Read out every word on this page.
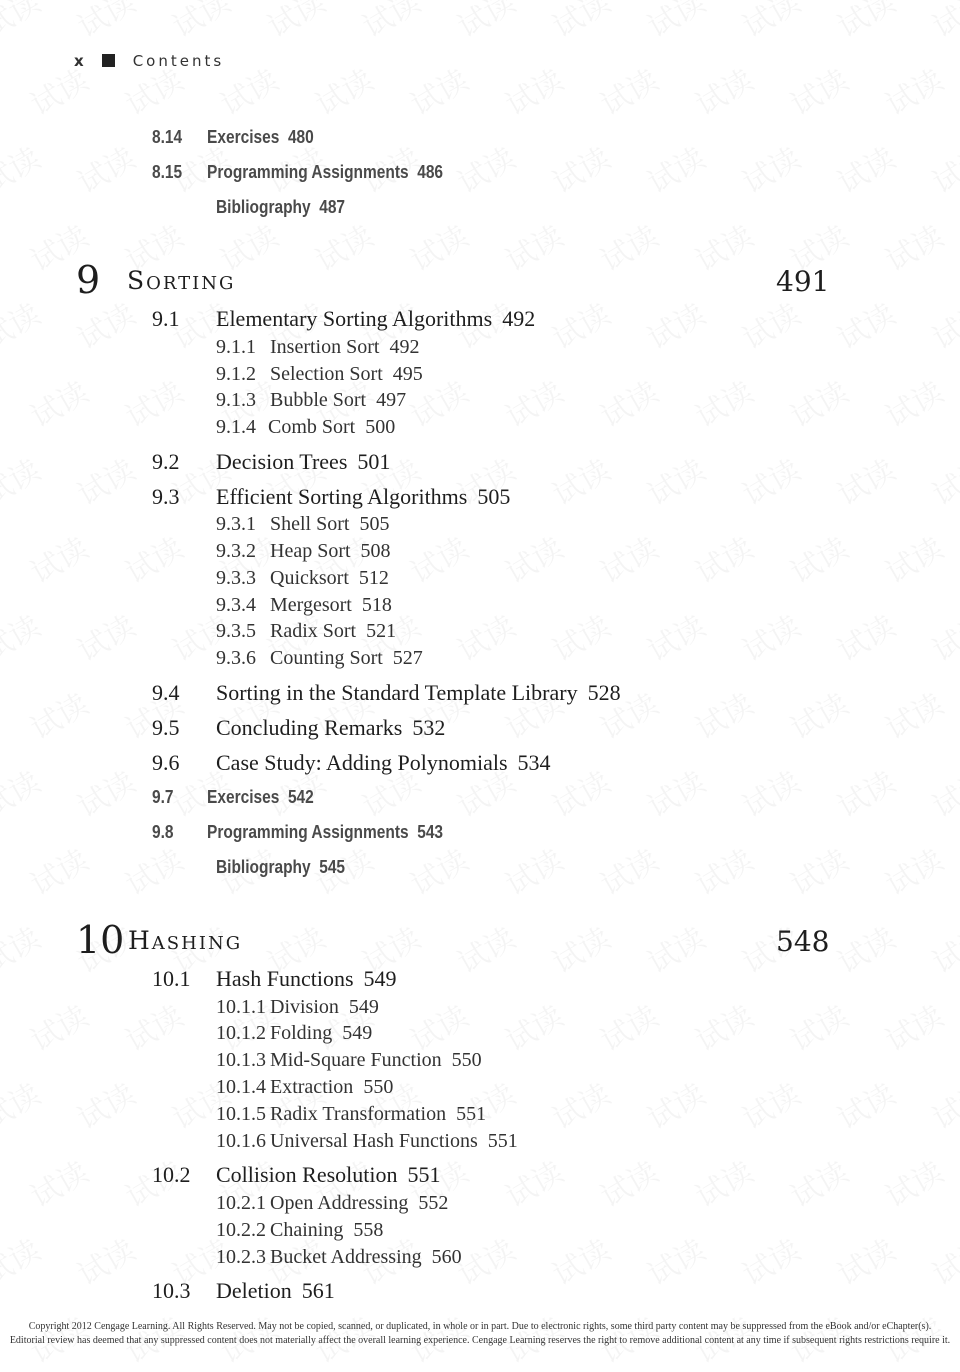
x	Contents
8.14 Exercises 480
8.15 Programming Assignments 486
Bibliography 487
9 Sorting	491
9.1 Elementary Sorting Algorithms 492
9.1.1 Insertion Sort 492
9.1.2 Selection Sort 495
9.1.3 Bubble Sort 497
9.1.4 Comb Sort 500
9.2 Decision Trees 501
9.3 Efficient Sorting Algorithms 505
9.3.1 Shell Sort 505
9.3.2 Heap Sort 508
9.3.3 Quicksort 512
9.3.4 Mergesort 518
9.3.5 Radix Sort 521
9.3.6 Counting Sort 527
9.4 Sorting in the Standard Template Library 528
9.5 Concluding Remarks 532
9.6 Case Study: Adding Polynomials 534
9.7 Exercises 542
9.8 Programming Assignments 543
Bibliography 545
10 Hashing	548
10.1 Hash Functions 549
10.1.1 Division 549
10.1.2 Folding 549
10.1.3 Mid-Square Function 550
10.1.4 Extraction 550
10.1.5 Radix Transformation 551
10.1.6 Universal Hash Functions 551
10.2 Collision Resolution 551
10.2.1 Open Addressing 552
10.2.2 Chaining 558
10.2.3 Bucket Addressing 560
10.3 Deletion 561
Copyright 2012 Cengage Learning. All Rights Reserved. May not be copied, scanned, or duplicated, in whole or in part. Due to electronic rights, some third party content may be suppressed from the eBook and/or eChapter(s).
Editorial review has deemed that any suppressed content does not materially affect the overall learning experience. Cengage Learning reserves the right to remove additional content at any time if subsequent rights restrictions require it.
